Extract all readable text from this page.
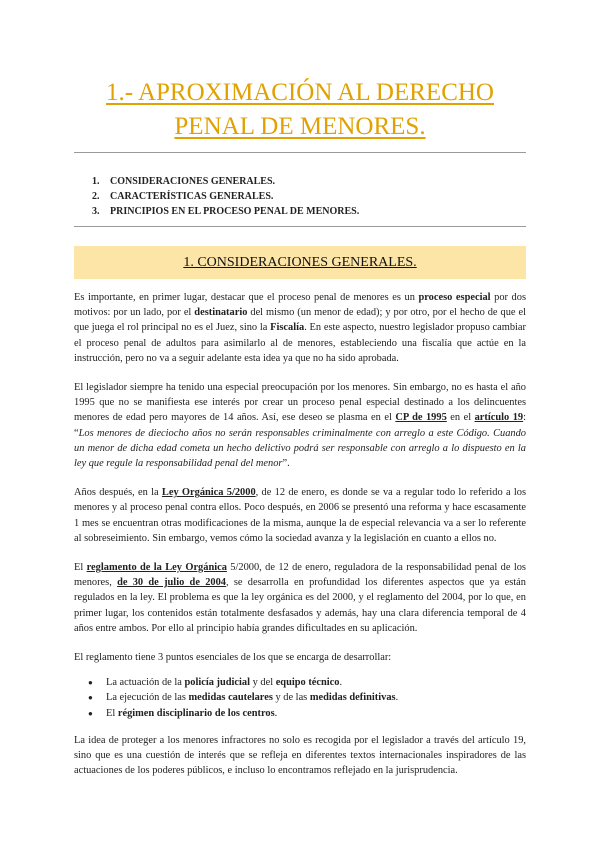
1.- APROXIMACIÓN AL DERECHO
PENAL DE MENORES.
1. CONSIDERACIONES GENERALES.
2. CARACTERÍSTICAS GENERALES.
3. PRINCIPIOS EN EL PROCESO PENAL DE MENORES.
1. CONSIDERACIONES GENERALES.

Es importante, en primer lugar, destacar que el proceso penal de menores es un proceso especial por dos motivos: por un lado, por el destinatario del mismo (un menor de edad); y por otro, por el hecho de que el que juega el rol principal no es el Juez, sino la Fiscalía. En este aspecto, nuestro legislador propuso cambiar el proceso penal de adultos para asimilarlo al de menores, estableciendo una fiscalía que actúe en la instrucción, pero no va a seguir adelante esta idea ya que no ha sido aprobada.

El legislador siempre ha tenido una especial preocupación por los menores. Sin embargo, no es hasta el año 1995 que no se manifiesta ese interés por crear un proceso penal especial destinado a los delincuentes menores de edad pero mayores de 14 años. Así, ese deseo se plasma en el CP de 1995 en el artículo 19: “Los menores de dieciocho años no serán responsables criminalmente con arreglo a este Código. Cuando un menor de dicha edad cometa un hecho delictivo podrá ser responsable con arreglo a lo dispuesto en la ley que regule la responsabilidad penal del menor”.

Años después, en la Ley Orgánica 5/2000, de 12 de enero, es donde se va a regular todo lo referido a los menores y al proceso penal contra ellos. Poco después, en 2006 se presentó una reforma y hace escasamente 1 mes se encuentran otras modificaciones de la misma, aunque la de especial relevancia va a ser lo referente al sobreseimiento. Sin embargo, vemos cómo la sociedad avanza y la legislación en cuanto a ellos no.

El reglamento de la Ley Orgánica 5/2000, de 12 de enero, reguladora de la responsabilidad penal de los menores, de 30 de julio de 2004, se desarrolla en profundidad los diferentes aspectos que ya están regulados en la ley. El problema es que la ley orgánica es del 2000, y el reglamento del 2004, por lo que, en primer lugar, los contenidos están totalmente desfasados y además, hay una clara diferencia temporal de 4 años entre ambos. Por ello al principio había grandes dificultades en su aplicación.

El reglamento tiene 3 puntos esenciales de los que se encarga de desarrollar:

● La actuación de la policía judicial y del equipo técnico.
● La ejecución de las medidas cautelares y de las medidas definitivas.
● El régimen disciplinario de los centros.

La idea de proteger a los menores infractores no solo es recogida por el legislador a través del artículo 19, sino que es una cuestión de interés que se refleja en diferentes textos internacionales inspiradores de las actuaciones de los poderes públicos, e incluso lo encontramos reflejado en la jurisprudencia.
